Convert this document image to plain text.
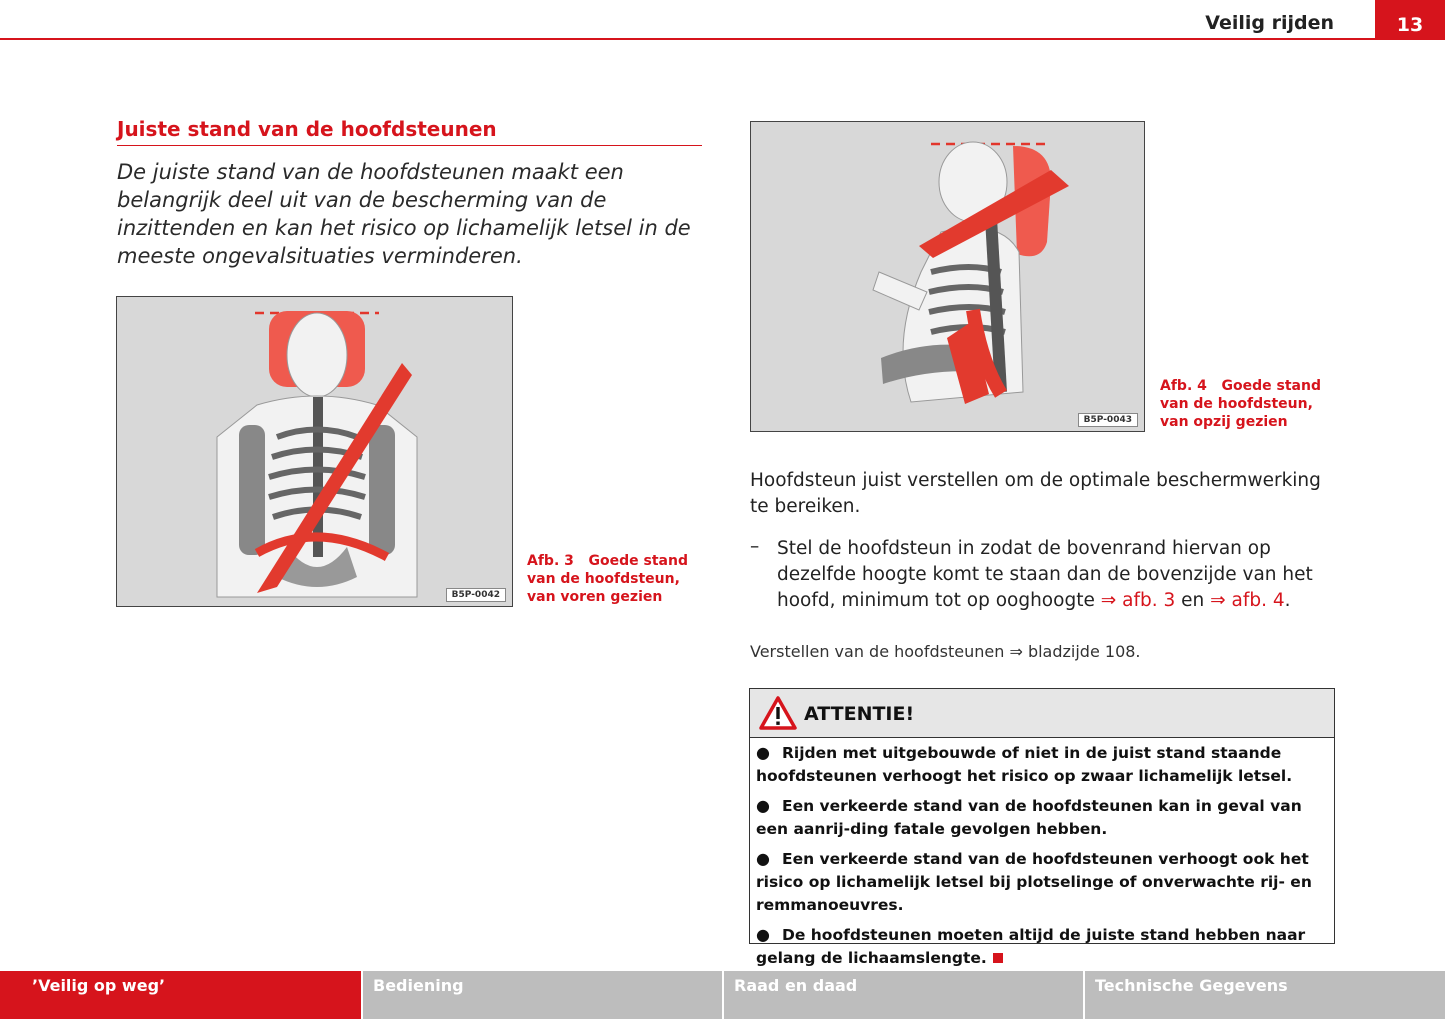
Veilig rijden	13
Juiste stand van de hoofdsteunen
De juiste stand van de hoofdsteunen maakt een belangrijk deel uit van de bescherming van de inzittenden en kan het risico op lichamelijk letsel in de meeste ongevalsituaties verminderen.
B5P-0042
Afb. 3 Goede stand van de hoofdsteun, van voren gezien
B5P-0043
Afb. 4 Goede stand van de hoofdsteun, van opzij gezien
Hoofdsteun juist verstellen om de optimale beschermwerking te bereiken.
– Stel de hoofdsteun in zodat de bovenrand hiervan op dezelfde hoogte komt te staan dan de bovenzijde van het hoofd, minimum tot op ooghoogte ⇒ afb. 3 en ⇒ afb. 4.
Verstellen van de hoofdsteunen ⇒ bladzijde 108.
ATTENTIE!
● Rijden met uitgebouwde of niet in de juist stand staande hoofdsteunen verhoogt het risico op zwaar lichamelijk letsel.
● Een verkeerde stand van de hoofdsteunen kan in geval van een aanrij-ding fatale gevolgen hebben.
● Een verkeerde stand van de hoofdsteunen verhoogt ook het risico op lichamelijk letsel bij plotselinge of onverwachte rij- en remmanoeuvres.
● De hoofdsteunen moeten altijd de juiste stand hebben naar gelang de lichaamslengte.
’Veilig op weg’	Bediening	Raad en daad	Technische Gegevens
